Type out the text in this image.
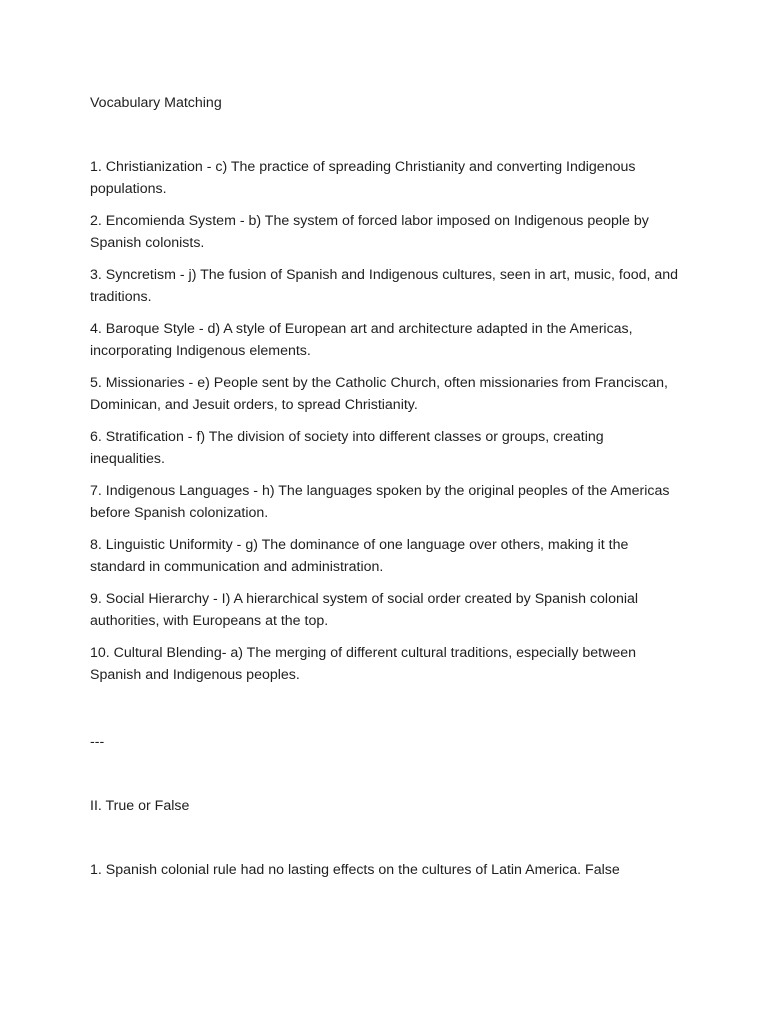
Vocabulary Matching

1. Christianization - c) The practice of spreading Christianity and converting Indigenous populations.

2. Encomienda System - b) The system of forced labor imposed on Indigenous people by Spanish colonists.

3. Syncretism - j) The fusion of Spanish and Indigenous cultures, seen in art, music, food, and traditions.

4. Baroque Style - d) A style of European art and architecture adapted in the Americas, incorporating Indigenous elements.

5. Missionaries - e) People sent by the Catholic Church, often missionaries from Franciscan, Dominican, and Jesuit orders, to spread Christianity.

6. Stratification - f) The division of society into different classes or groups, creating inequalities.

7. Indigenous Languages - h) The languages spoken by the original peoples of the Americas before Spanish colonization.

8. Linguistic Uniformity - g) The dominance of one language over others, making it the standard in communication and administration.

9. Social Hierarchy - I) A hierarchical system of social order created by Spanish colonial authorities, with Europeans at the top.

10. Cultural Blending- a) The merging of different cultural traditions, especially between Spanish and Indigenous peoples.

---

II. True or False

1. Spanish colonial rule had no lasting effects on the cultures of Latin America. False
